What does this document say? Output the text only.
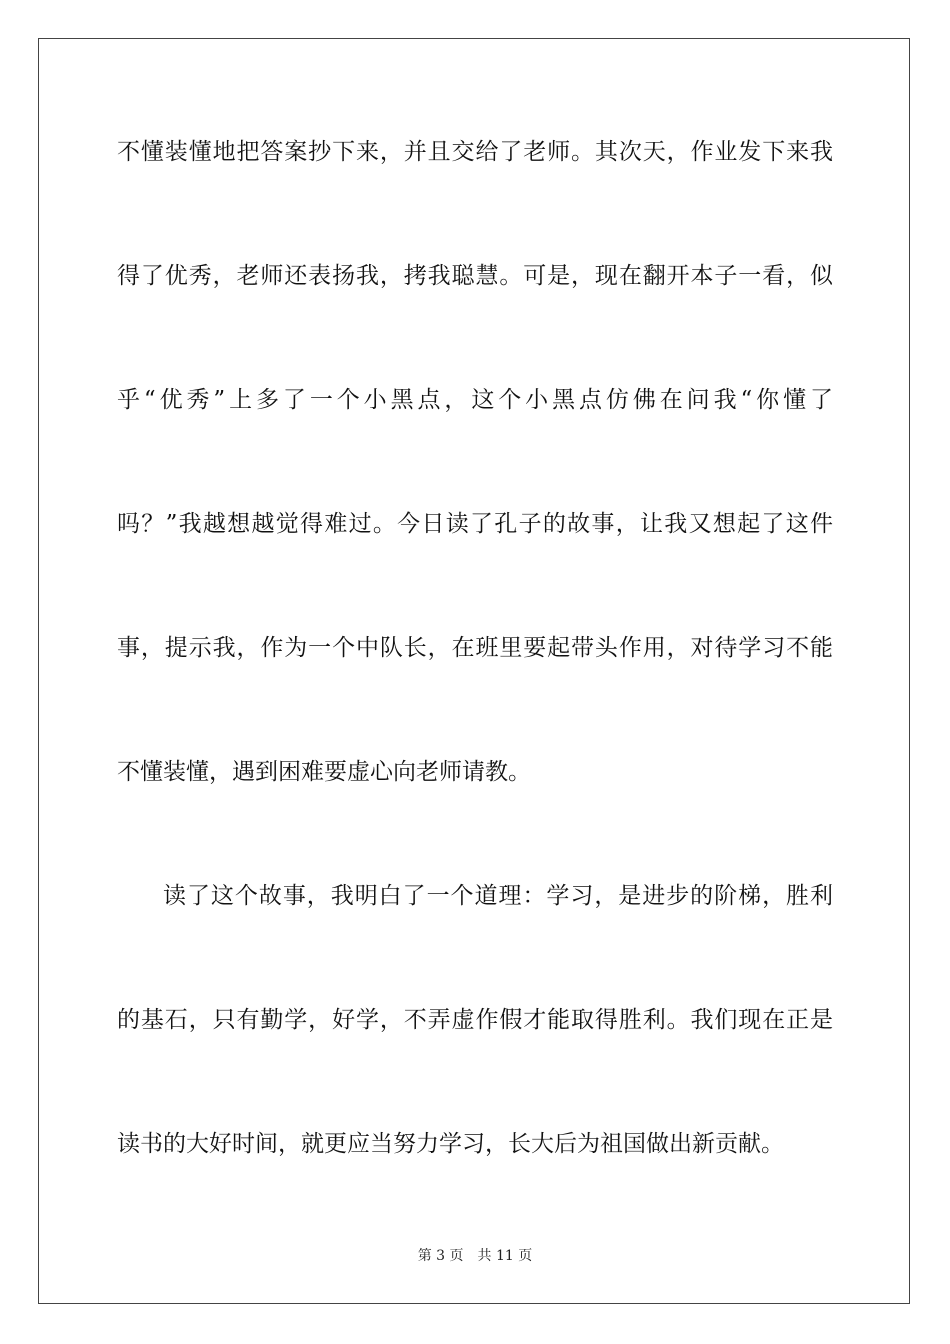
不懂装懂地把答案抄下来，并且交给了老师。其次天，作业发下来我
得了优秀，老师还表扬我，拷我聪慧。可是，现在翻开本子一看，似
乎“优秀”上多了一个小黑点，这个小黑点仿佛在问我“你懂了
吗？”我越想越觉得难过。今日读了孔子的故事，让我又想起了这件
事，提示我，作为一个中队长，在班里要起带头作用，对待学习不能
不懂装懂，遇到困难要虚心向老师请教。
读了这个故事，我明白了一个道理：学习，是进步的阶梯，胜利
的基石，只有勤学，好学，不弄虚作假才能取得胜利。我们现在正是
读书的大好时间，就更应当努力学习，长大后为祖国做出新贡献。
第 3 页 共 11 页
